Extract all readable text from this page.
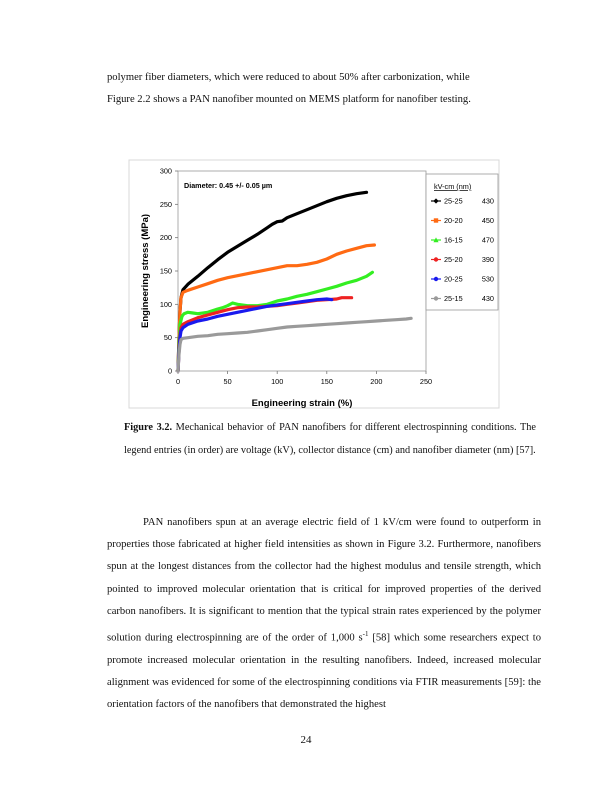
polymer fiber diameters, which were reduced to about 50% after carbonization, while
Figure 2.2 shows a PAN nanofiber mounted on MEMS platform for nanofiber testing.

Diameter: 0.45 +/- 0.05 µm
Engineering strain (%)
Engineering stress (MPa)
0	50	100	150	200	250
0
50
100
150
200
250
300
kV-cm (nm)
25-25	430
20-20	450
16-15	470
25-20	390
20-25	530
25-15	430

Figure 3.2. Mechanical behavior of PAN nanofibers for different electrospinning conditions. The legend entries (in order) are voltage (kV), collector distance (cm) and nanofiber diameter (nm) [57].

PAN nanofibers spun at an average electric field of 1 kV/cm were found to outperform in properties those fabricated at higher field intensities as shown in Figure 3.2. Furthermore, nanofibers spun at the longest distances from the collector had the highest modulus and tensile strength, which pointed to improved molecular orientation that is critical for improved properties of the derived carbon nanofibers. It is significant to mention that the typical strain rates experienced by the polymer solution during electrospinning are of the order of 1,000 $s^{-1}$ [58] which some researchers expect to promote increased molecular orientation in the resulting nanofibers. Indeed, increased molecular alignment was evidenced for some of the electrospinning conditions via FTIR measurements [59]: the orientation factors of the nanofibers that demonstrated the highest

24
